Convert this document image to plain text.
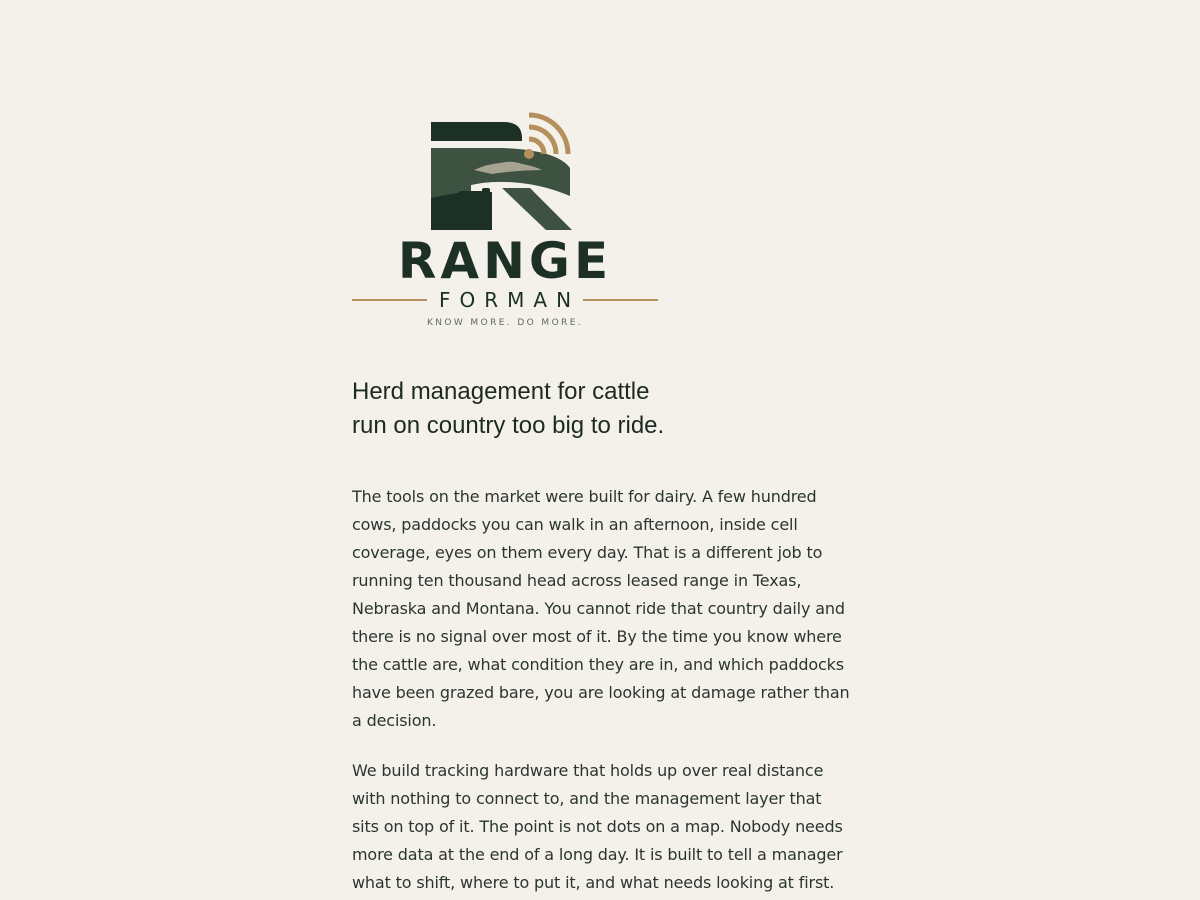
RANGE
FORMAN
KNOW MORE. DO MORE.
Herd management for cattle
run on country too big to ride.

The tools on the market were built for dairy. A few hundred cows, paddocks you can walk in an afternoon, inside cell coverage, eyes on them every day. That is a different job to running ten thousand head across leased range in Texas, Nebraska and Montana. You cannot ride that country daily and there is no signal over most of it. By the time you know where the cattle are, what condition they are in, and which paddocks have been grazed bare, you are looking at damage rather than a decision.

We build tracking hardware that holds up over real distance with nothing to connect to, and the management layer that sits on top of it. The point is not dots on a map. Nobody needs more data at the end of a long day. It is built to tell a manager what to shift, where to put it, and what needs looking at first.
